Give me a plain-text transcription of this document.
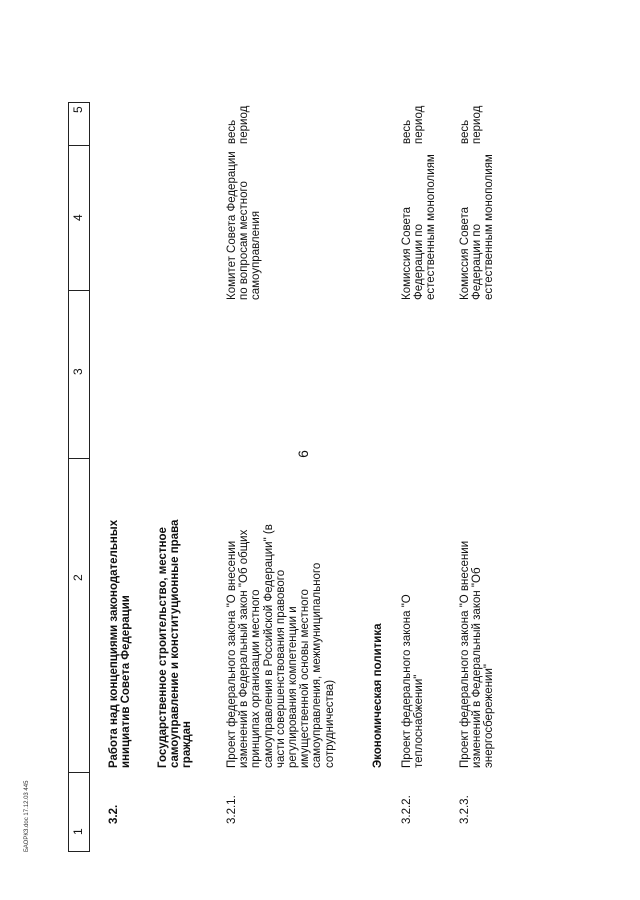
6
1
2
3
4
5
3.2.
Работа над концепциями законодательных инициатив Совета Федерации Государственное строительство, местное самоуправление и конституционные права граждан
3.2.1.
Проект федерального закона "О внесении изменений в Федеральный закон "Об общих принципах организации местного самоуправления в Российской Федерации" (в части совершенствования правового регулирования компетенции и имущественной основы местного самоуправления, межмуниципального сотрудничества)
Комитет Совета Федерации по вопросам местного самоуправления
весь период
Экономическая политика
3.2.2.
Проект федерального закона "О теплоснабжении"
Комиссия Совета Федерации по естественным монополиям
весь период
3.2.3.
Проект федерального закона "О внесении изменений в Федеральный закон "Об энергосбережении"
Комиссия Совета Федерации по естественным монополиям
весь период
БАОРКЗ.doc 17.12.03 445
